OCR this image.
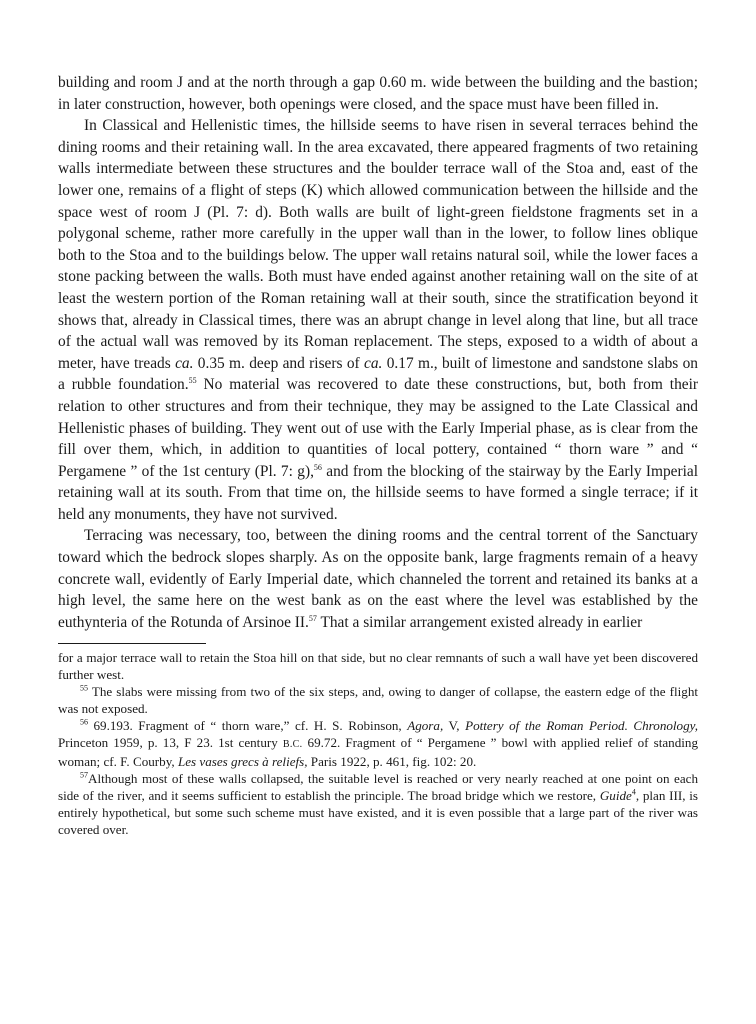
building and room J and at the north through a gap 0.60 m. wide between the building and the bastion; in later construction, however, both openings were closed, and the space must have been filled in.

In Classical and Hellenistic times, the hillside seems to have risen in several terraces behind the dining rooms and their retaining wall. In the area excavated, there appeared fragments of two retaining walls intermediate between these structures and the boulder terrace wall of the Stoa and, east of the lower one, remains of a flight of steps (K) which allowed communication between the hillside and the space west of room J (Pl. 7: d). Both walls are built of light-green fieldstone fragments set in a polygonal scheme, rather more carefully in the upper wall than in the lower, to follow lines oblique both to the Stoa and to the buildings below. The upper wall retains natural soil, while the lower faces a stone packing between the walls. Both must have ended against another retaining wall on the site of at least the western portion of the Roman retaining wall at their south, since the stratification beyond it shows that, already in Classical times, there was an abrupt change in level along that line, but all trace of the actual wall was removed by its Roman replacement. The steps, exposed to a width of about a meter, have treads ca. 0.35 m. deep and risers of ca. 0.17 m., built of limestone and sandstone slabs on a rubble foundation.$^{55}$ No material was recovered to date these constructions, but, both from their relation to other structures and from their technique, they may be assigned to the Late Classical and Hellenistic phases of building. They went out of use with the Early Imperial phase, as is clear from the fill over them, which, in addition to quantities of local pottery, contained “ thorn ware ” and “ Pergamene ” of the 1st century (Pl. 7: g),$^{56}$ and from the blocking of the stairway by the Early Imperial retaining wall at its south. From that time on, the hillside seems to have formed a single terrace; if it held any monuments, they have not survived.

Terracing was necessary, too, between the dining rooms and the central torrent of the Sanctuary toward which the bedrock slopes sharply. As on the opposite bank, large fragments remain of a heavy concrete wall, evidently of Early Imperial date, which channeled the torrent and retained its banks at a high level, the same here on the west bank as on the east where the level was established by the euthynteria of the Rotunda of Arsinoe II.$^{57}$ That a similar arrangement existed already in earlier

for a major terrace wall to retain the Stoa hill on that side, but no clear remnants of such a wall have yet been discovered further west.

$^{55}$ The slabs were missing from two of the six steps, and, owing to danger of collapse, the eastern edge of the flight was not exposed.

$^{56}$ 69.193. Fragment of “ thorn ware,” cf. H. S. Robinson, Agora, V, Pottery of the Roman Period. Chronology, Princeton 1959, p. 13, F 23. 1st century B.C. 69.72. Fragment of “ Pergamene ” bowl with applied relief of standing woman; cf. F. Courby, Les vases grecs à reliefs, Paris 1922, p. 461, fig. 102: 20.

$^{57}$Although most of these walls collapsed, the suitable level is reached or very nearly reached at one point on each side of the river, and it seems sufficient to establish the principle. The broad bridge which we restore, Guide$^4$, plan III, is entirely hypothetical, but some such scheme must have existed, and it is even possible that a large part of the river was covered over.
